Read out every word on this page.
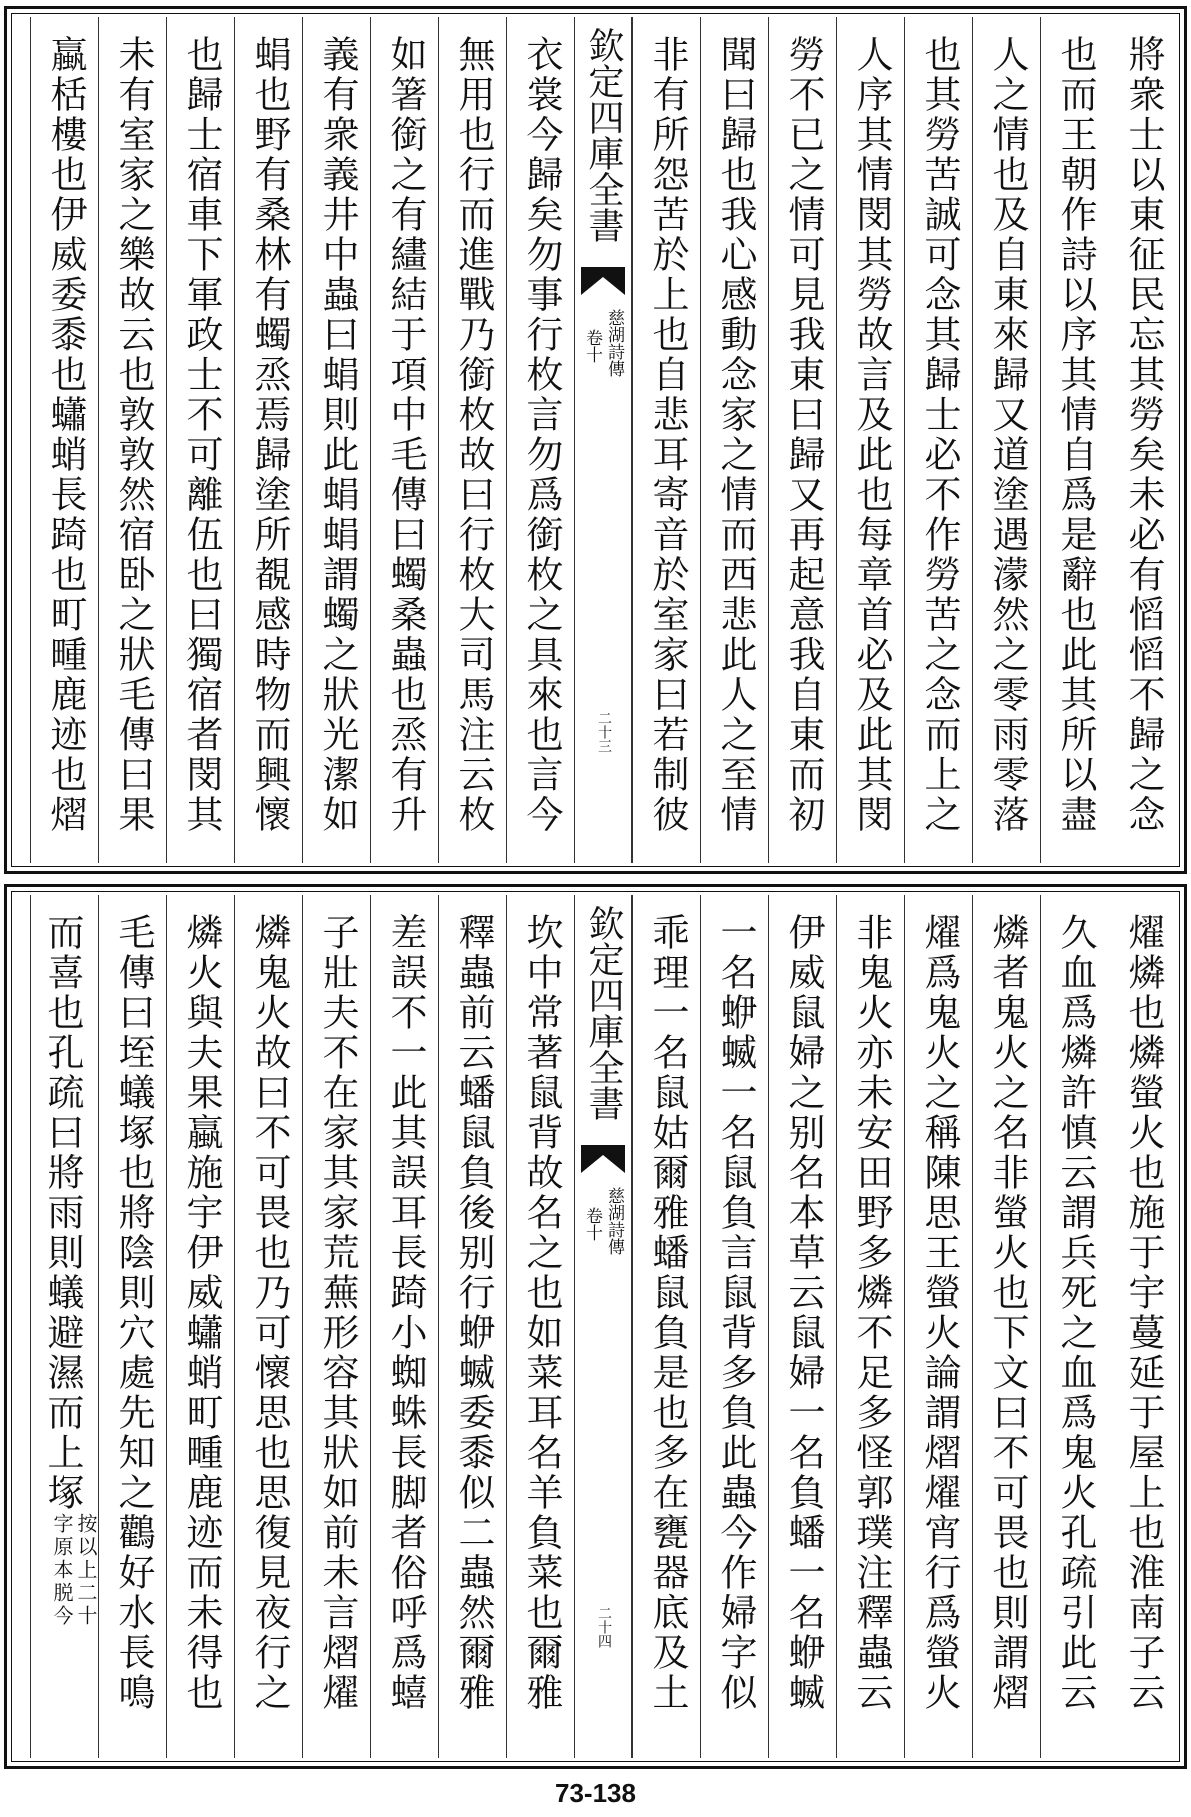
將衆士以東征民忘其勞矣未必有慆慆不歸之念
也而王朝作詩以序其情自爲是辭也此其所以盡
人之情也及自東來歸又道塗遇濛然之零雨零落
也其勞苦誠可念其歸士必不作勞苦之念而上之
人序其情閔其勞故言及此也每章首必及此其閔
勞不已之情可見我東曰歸又再起意我自東而初
聞曰歸也我心感動念家之情而西悲此人之至情
非有所怨苦於上也自悲耳寄音於室家曰若制彼
欽定四庫全書
慈湖詩傳
卷十
二十三
衣裳今歸矣勿事行枚言勿爲銜枚之具來也言今
無用也行而進戰乃銜枚故曰行枚大司馬注云枚
如箸銜之有繣結于項中毛傳曰蠋桑蟲也烝有升
義有衆義井中蟲曰蜎則此蜎蜎謂蠋之狀光潔如
蜎也野有桑林有蠋烝焉歸塗所覩感時物而興懷
也歸士宿車下軍政士不可離伍也曰獨宿者閔其
未有室家之樂故云也敦敦然宿卧之狀毛傳曰果
蠃栝樓也伊威委黍也蠨蛸長踦也町畽鹿迹也熠
燿燐也燐螢火也施于宇蔓延于屋上也淮南子云
久血爲燐許慎云謂兵死之血爲鬼火孔疏引此云
燐者鬼火之名非螢火也下文曰不可畏也則謂熠
燿爲鬼火之稱陳思王螢火論謂熠燿宵行爲螢火
非鬼火亦未安田野多燐不足多怪郭璞注釋蟲云
伊威鼠婦之别名本草云鼠婦一名負蟠一名蛜蝛
一名蛜蝛一名鼠負言鼠背多負此蟲今作婦字似
乖理一名鼠姑爾雅蟠鼠負是也多在甕器底及土
欽定四庫全書
慈湖詩傳
卷十
二十四
坎中常著鼠背故名之也如菜耳名羊負菜也爾雅
釋蟲前云蟠鼠負後别行蛜蝛委黍似二蟲然爾雅
差誤不一此其誤耳長踦小蜘蛛長脚者俗呼爲蟢
子壯夫不在家其家荒蕪形容其狀如前未言熠燿
燐鬼火故曰不可畏也乃可懷思也思復見夜行之
燐火與夫果蠃施宇伊威蠨蛸町畽鹿迹而未得也
毛傳曰垤蟻塚也將陰則穴處先知之鸛好水長鳴
而喜也孔疏曰將雨則蟻避濕而上塚按以上二十
字原本脱今
73-138
